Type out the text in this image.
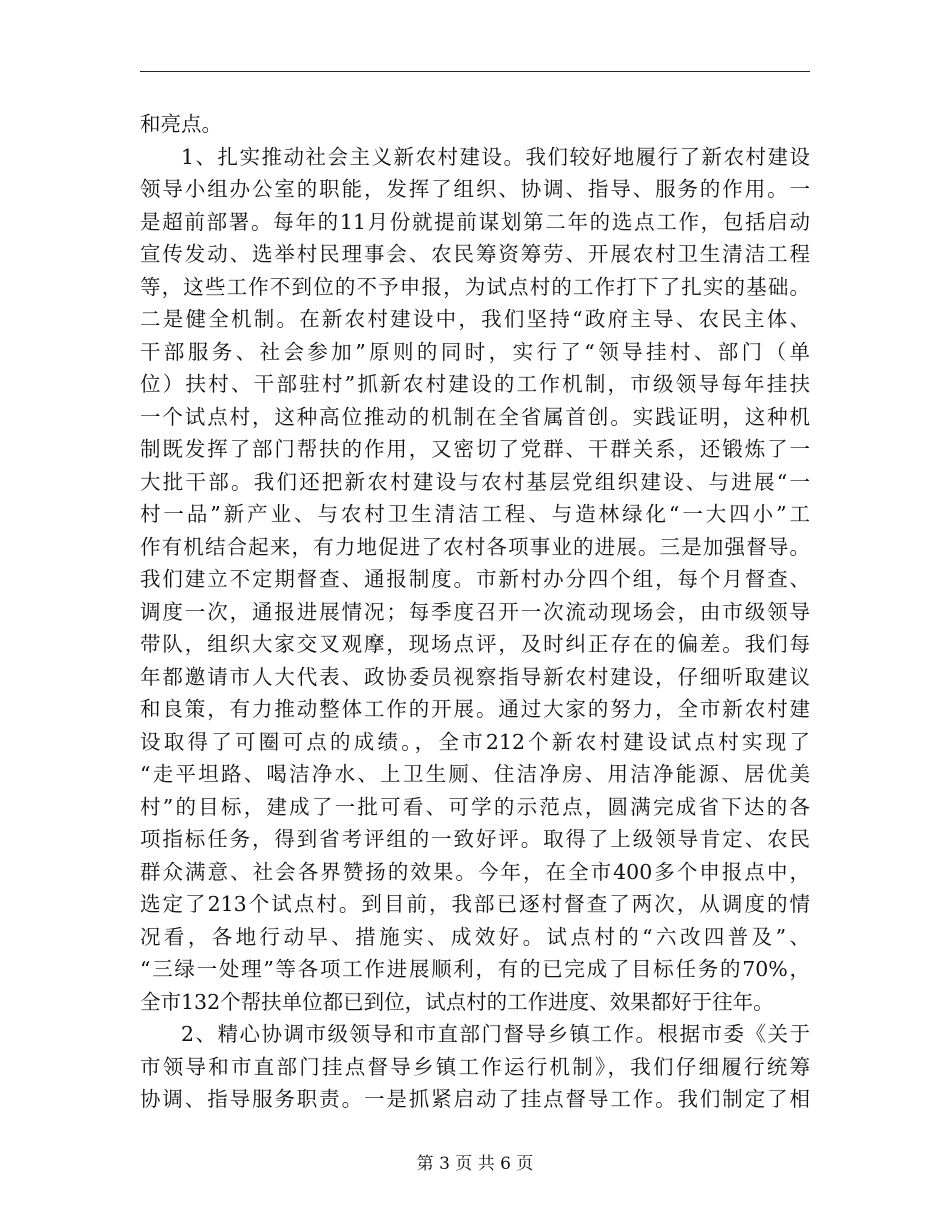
和亮点。
1、扎实推动社会主义新农村建设。我们较好地履行了新农村建设
领导小组办公室的职能，发挥了组织、协调、指导、服务的作用。一
是超前部署。每年的11月份就提前谋划第二年的选点工作，包括启动
宣传发动、选举村民理事会、农民筹资筹劳、开展农村卫生清洁工程
等，这些工作不到位的不予申报，为试点村的工作打下了扎实的基础。
二是健全机制。在新农村建设中，我们坚持“政府主导、农民主体、
干部服务、社会参加”原则的同时，实行了“领导挂村、部门（单
位）扶村、干部驻村”抓新农村建设的工作机制，市级领导每年挂扶
一个试点村，这种高位推动的机制在全省属首创。实践证明，这种机
制既发挥了部门帮扶的作用，又密切了党群、干群关系，还锻炼了一
大批干部。我们还把新农村建设与农村基层党组织建设、与进展“一
村一品”新产业、与农村卫生清洁工程、与造林绿化“一大四小”工
作有机结合起来，有力地促进了农村各项事业的进展。三是加强督导。
我们建立不定期督查、通报制度。市新村办分四个组，每个月督查、
调度一次，通报进展情况；每季度召开一次流动现场会，由市级领导
带队，组织大家交叉观摩，现场点评，及时纠正存在的偏差。我们每
年都邀请市人大代表、政协委员视察指导新农村建设，仔细听取建议
和良策，有力推动整体工作的开展。通过大家的努力，全市新农村建
设取得了可圈可点的成绩。，全市212个新农村建设试点村实现了
“走平坦路、喝洁净水、上卫生厕、住洁净房、用洁净能源、居优美
村”的目标，建成了一批可看、可学的示范点，圆满完成省下达的各
项指标任务，得到省考评组的一致好评。取得了上级领导肯定、农民
群众满意、社会各界赞扬的效果。今年，在全市400多个申报点中，
选定了213个试点村。到目前，我部已逐村督查了两次，从调度的情
况看，各地行动早、措施实、成效好。试点村的“六改四普及”、
“三绿一处理”等各项工作进展顺利，有的已完成了目标任务的70%，
全市132个帮扶单位都已到位，试点村的工作进度、效果都好于往年。
2、精心协调市级领导和市直部门督导乡镇工作。根据市委《关于
市领导和市直部门挂点督导乡镇工作运行机制》，我们仔细履行统筹
协调、指导服务职责。一是抓紧启动了挂点督导工作。我们制定了相
第 3 页 共 6 页
